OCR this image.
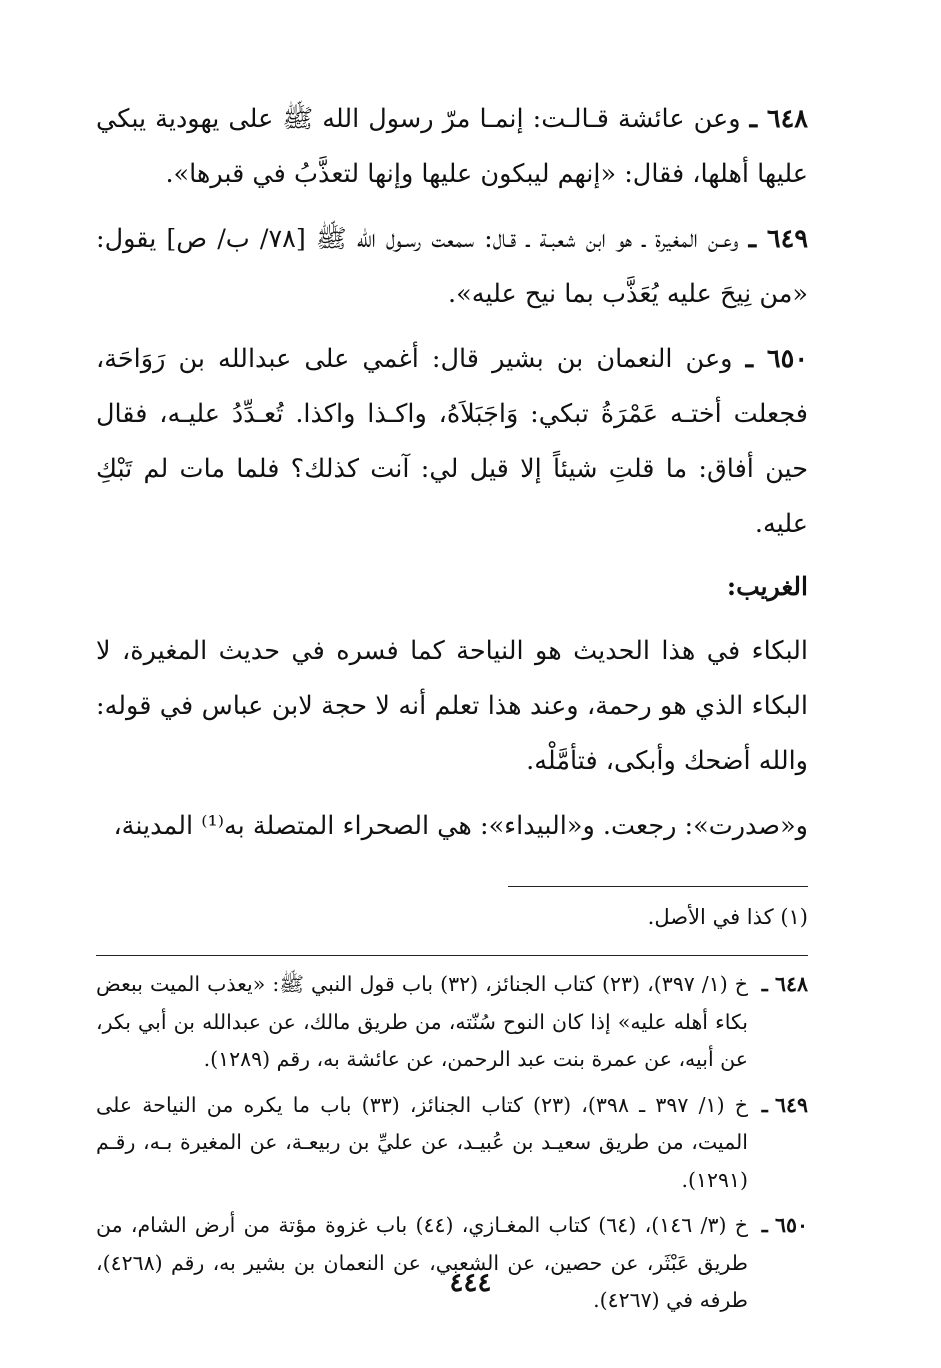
٦٤٨ ـ وعن عائشة قـالـت: إنمـا مرّ رسول الله ﷺ على يهودية يبكي عليها أهلها، فقال: «إنهم ليبكون عليها وإنها لتعذَّبُ في قبرها».

٦٤٩ ـ وعـن المغيرة ـ هو ابن شعبـة ـ قـال: سمعت رسـول الله ﷺ [٧٨/ ب/ ص] يقول: «من نِيحَ عليه يُعَذَّب بما نيح عليه».

٦٥٠ ـ وعن النعمان بن بشير قال: أغمي على عبدالله بن رَوَاحَة، فجعلت أختـه عَمْرَةُ تبكي: وَاجَبَلاَهُ، واكـذا واكذا. تُعـدِّدُ عليـه، فقال حين أفاق: ما قلتِ شيئاً إلا قيل لي: آنت كذلك؟ فلما مات لم تَبْكِ عليه.

الغريب:

البكاء في هذا الحديث هو النياحة كما فسره في حديث المغيرة، لا البكاء الذي هو رحمة، وعند هذا تعلم أنه لا حجة لابن عباس في قوله: والله أضحك وأبكى، فتأمَّلْه.

و«صدرت»: رجعت. و«البيداء»: هي الصحراء المتصلة به⁽¹⁾ المدينة،

(١) كذا في الأصل.

٦٤٨ ـ
خ (١/ ٣٩٧)، (٢٣) كتاب الجنائز، (٣٢) باب قول النبي ﷺ: «يعذب الميت ببعض بكاء أهله عليه» إذا كان النوح سُنّته، من طريق مالك، عن عبدالله بن أبي بكر، عن أبيه، عن عمرة بنت عبد الرحمن، عن عائشة به، رقم (١٢٨٩).

٦٤٩ ـ
خ (١/ ٣٩٧ ـ ٣٩٨)، (٢٣) كتاب الجنائز، (٣٣) باب ما يكره من النياحة على الميت، من طريق سعيـد بن عُبيـد، عن عليِّ بن ربيعـة، عن المغيرة بـه، رقـم (١٢٩١).

٦٥٠ ـ
خ (٣/ ١٤٦)، (٦٤) كتاب المغـازي، (٤٤) باب غزوة مؤتة من أرض الشام، من طريق عَبْثَر، عن حصين، عن الشعبي، عن النعمان بن بشير به، رقم (٤٢٦٨)، طرفه في (٤٢٦٧).

٤٤٤
